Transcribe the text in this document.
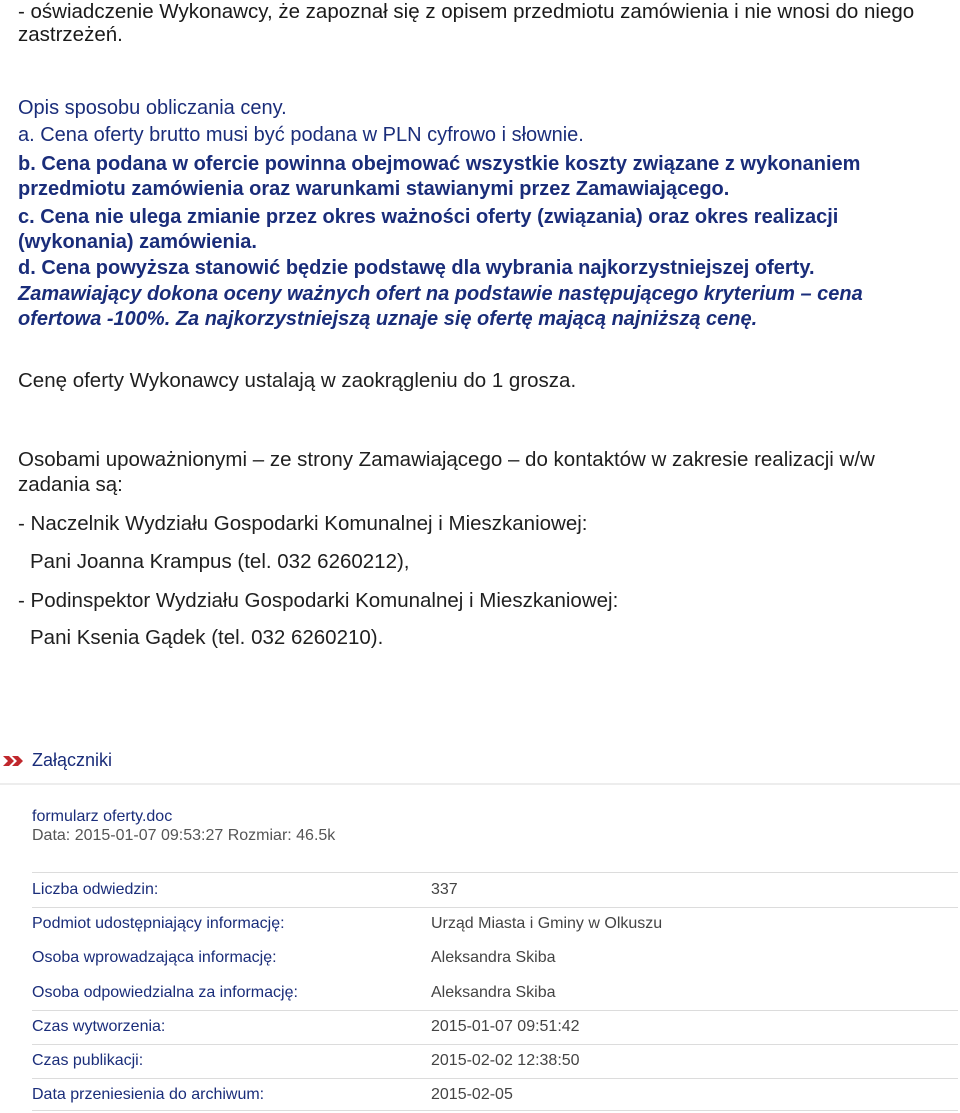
- oświadczenie Wykonawcy, że zapoznał się z opisem przedmiotu zamówienia i nie wnosi do niego
zastrzeżeń.
Opis sposobu obliczania ceny.
a. Cena oferty brutto musi być podana w PLN cyfrowo i słownie.
b. Cena podana w ofercie powinna obejmować wszystkie koszty związane z wykonaniem
przedmiotu zamówienia oraz warunkami stawianymi przez Zamawiającego.
c. Cena nie ulega zmianie przez okres ważności oferty (związania) oraz okres realizacji
(wykonania) zamówienia.
d. Cena powyższa stanowić będzie podstawę dla wybrania najkorzystniejszej oferty.
Zamawiający dokona oceny ważnych ofert na podstawie następującego kryterium – cena
ofertowa -100%. Za najkorzystniejszą uznaje się ofertę mającą najniższą cenę.
Cenę oferty Wykonawcy ustalają w zaokrągleniu do 1 grosza.
Osobami upoważnionymi – ze strony Zamawiającego – do kontaktów w zakresie realizacji w/w
zadania są:
- Naczelnik Wydziału Gospodarki Komunalnej i Mieszkaniowej:
Pani Joanna Krampus (tel. 032 6260212),
- Podinspektor Wydziału Gospodarki Komunalnej i Mieszkaniowej:
Pani Ksenia Gądek (tel. 032 6260210).
Załączniki
formularz oferty.doc
Data: 2015-01-07 09:53:27 Rozmiar: 46.5k
Liczba odwiedzin:	337
Podmiot udostępniający informację:	Urząd Miasta i Gminy w Olkuszu
Osoba wprowadzająca informację:	Aleksandra Skiba
Osoba odpowiedzialna za informację:	Aleksandra Skiba
Czas wytworzenia:	2015-01-07 09:51:42
Czas publikacji:	2015-02-02 12:38:50
Data przeniesienia do archiwum:	2015-02-05
